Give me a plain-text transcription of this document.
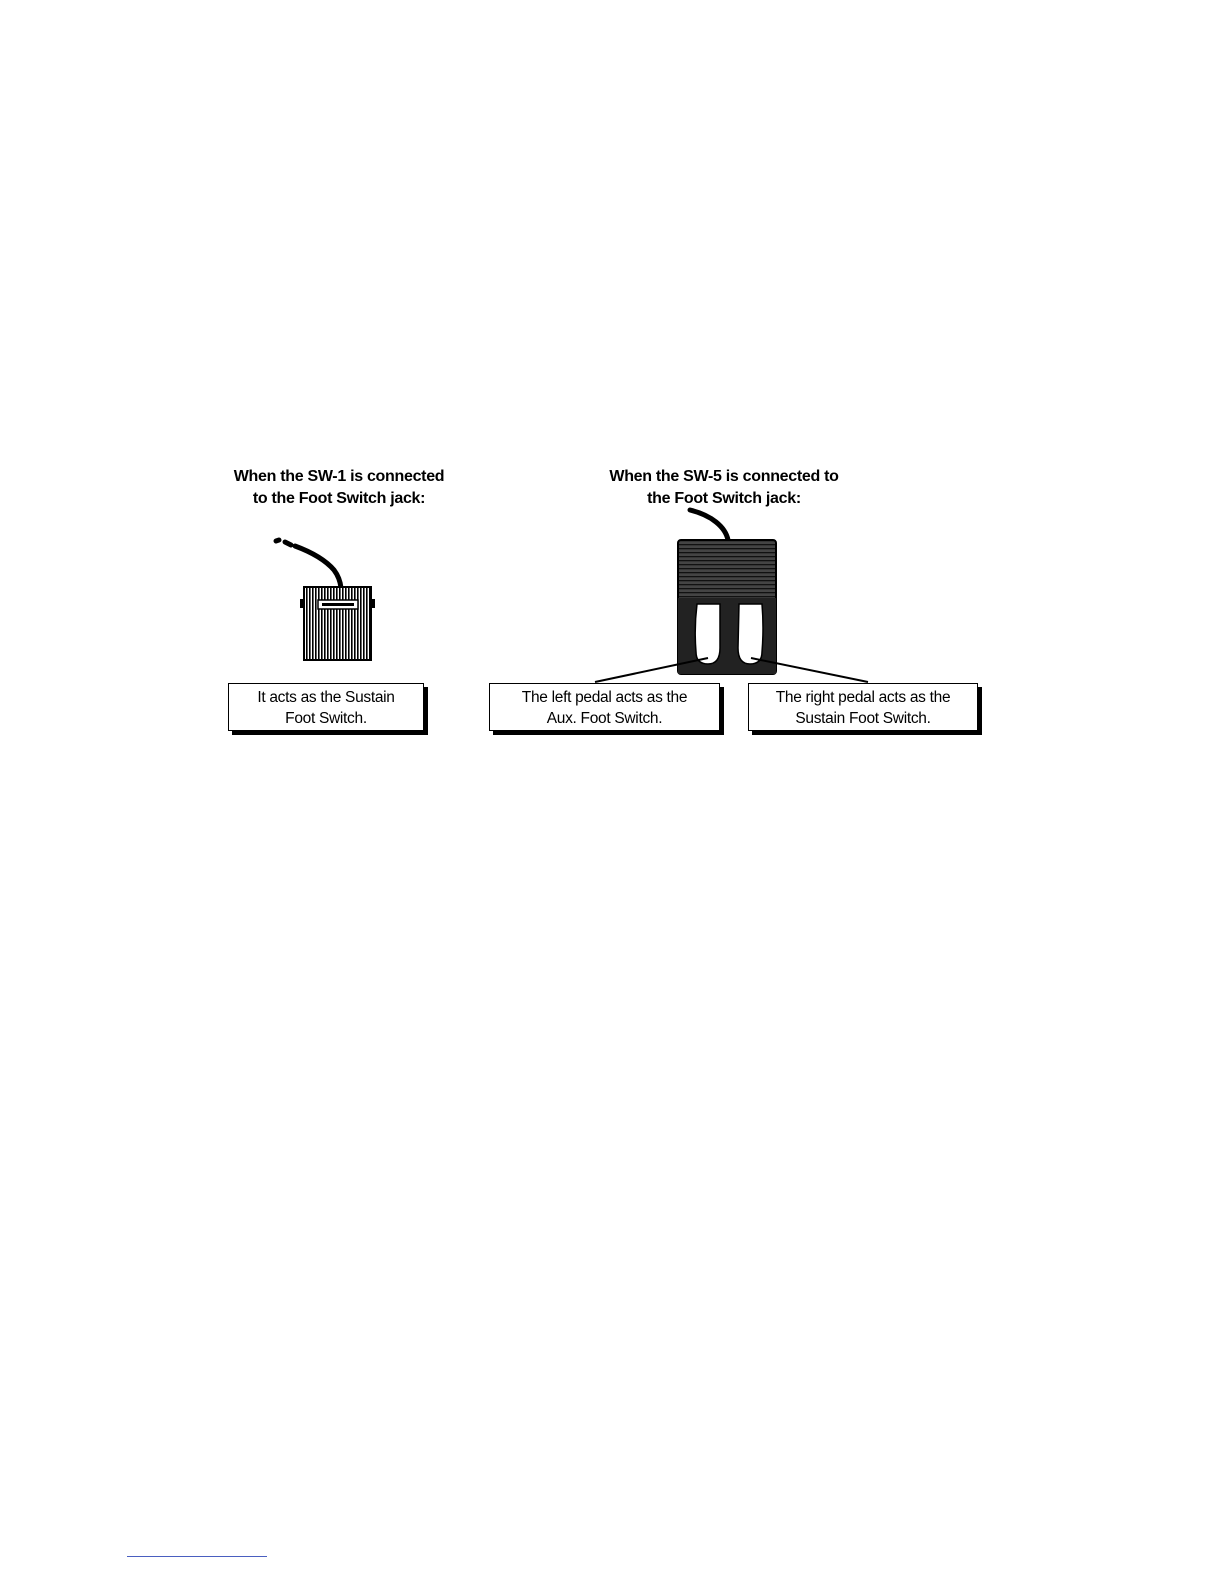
When the SW-1 is connected
to the Foot Switch jack:
When the SW-5 is connected to
the Foot Switch jack:
It acts as the Sustain
Foot Switch.
The left pedal acts as the
Aux. Foot Switch.
The right pedal acts as the
Sustain Foot Switch.
